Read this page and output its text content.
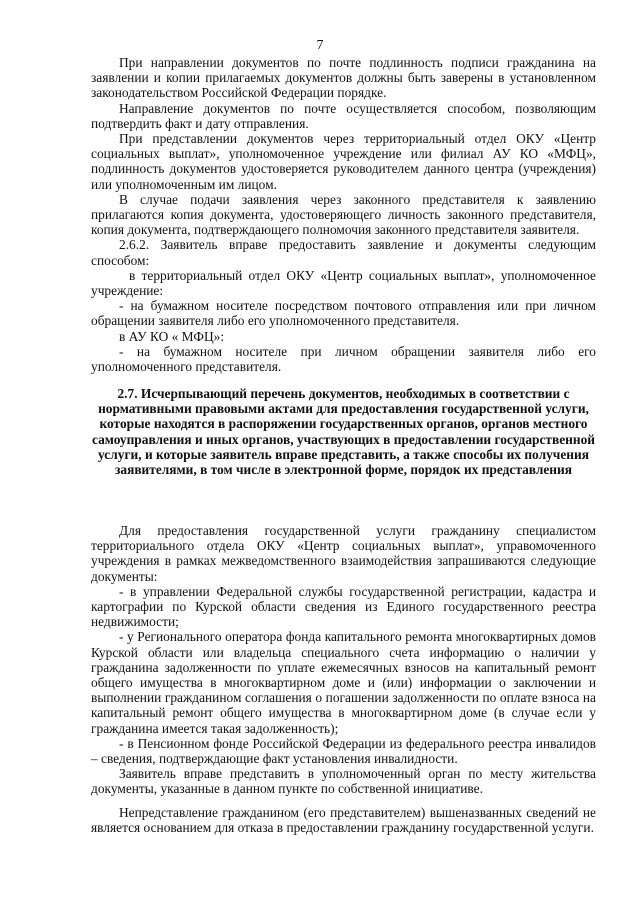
7

При направлении документов по почте подлинность подписи гражданина на заявлении и копии прилагаемых документов должны быть заверены в установленном законодательством Российской Федерации порядке.

Направление документов по почте осуществляется способом, позволяющим подтвердить факт и дату отправления.

При представлении документов через территориальный отдел ОКУ «Центр социальных выплат», уполномоченное учреждение или филиал АУ КО «МФЦ», подлинность документов удостоверяется руководителем данного центра (учреждения) или уполномоченным им лицом.

В случае подачи заявления через законного представителя к заявлению прилагаются копия документа, удостоверяющего личность законного представителя, копия документа, подтверждающего полномочия законного представителя заявителя.

2.6.2. Заявитель вправе предоставить заявление и документы следующим способом:

в территориальный отдел ОКУ «Центр социальных выплат», уполномоченное учреждение:

- на бумажном носителе посредством почтового отправления или при личном обращении заявителя либо его уполномоченного представителя.

в АУ КО « МФЦ»:

- на бумажном носителе при личном обращении заявителя либо его уполномоченного представителя.

2.7. Исчерпывающий перечень документов, необходимых в соответствии с нормативными правовыми актами для предоставления государственной услуги, которые находятся в распоряжении государственных органов, органов местного самоуправления и иных органов, участвующих в предоставлении государственной услуги, и которые заявитель вправе представить, а также способы их получения заявителями, в том числе в электронной форме, порядок их представления

Для предоставления государственной услуги гражданину специалистом территориального отдела ОКУ «Центр социальных выплат», управомоченного учреждения в рамках межведомственного взаимодействия запрашиваются следующие документы:

- в управлении Федеральной службы государственной регистрации, кадастра и картографии по Курской области сведения из Единого государственного реестра недвижимости;

- у Регионального оператора фонда капитального ремонта многоквартирных домов Курской области или владельца специального счета информацию о наличии у гражданина задолженности по уплате ежемесячных взносов на капитальный ремонт общего имущества в многоквартирном доме и (или) информации о заключении и выполнении гражданином соглашения о погашении задолженности по оплате взноса на капитальный ремонт общего имущества в многоквартирном доме (в случае если у гражданина имеется такая задолженность);

- в Пенсионном фонде Российской Федерации из федерального реестра инвалидов – сведения, подтверждающие факт установления инвалидности.

Заявитель вправе представить в уполномоченный орган по месту жительства документы, указанные в данном пункте по собственной инициативе.

Непредставление гражданином (его представителем) вышеназванных сведений не является основанием для отказа в предоставлении гражданину государственной услуги.
